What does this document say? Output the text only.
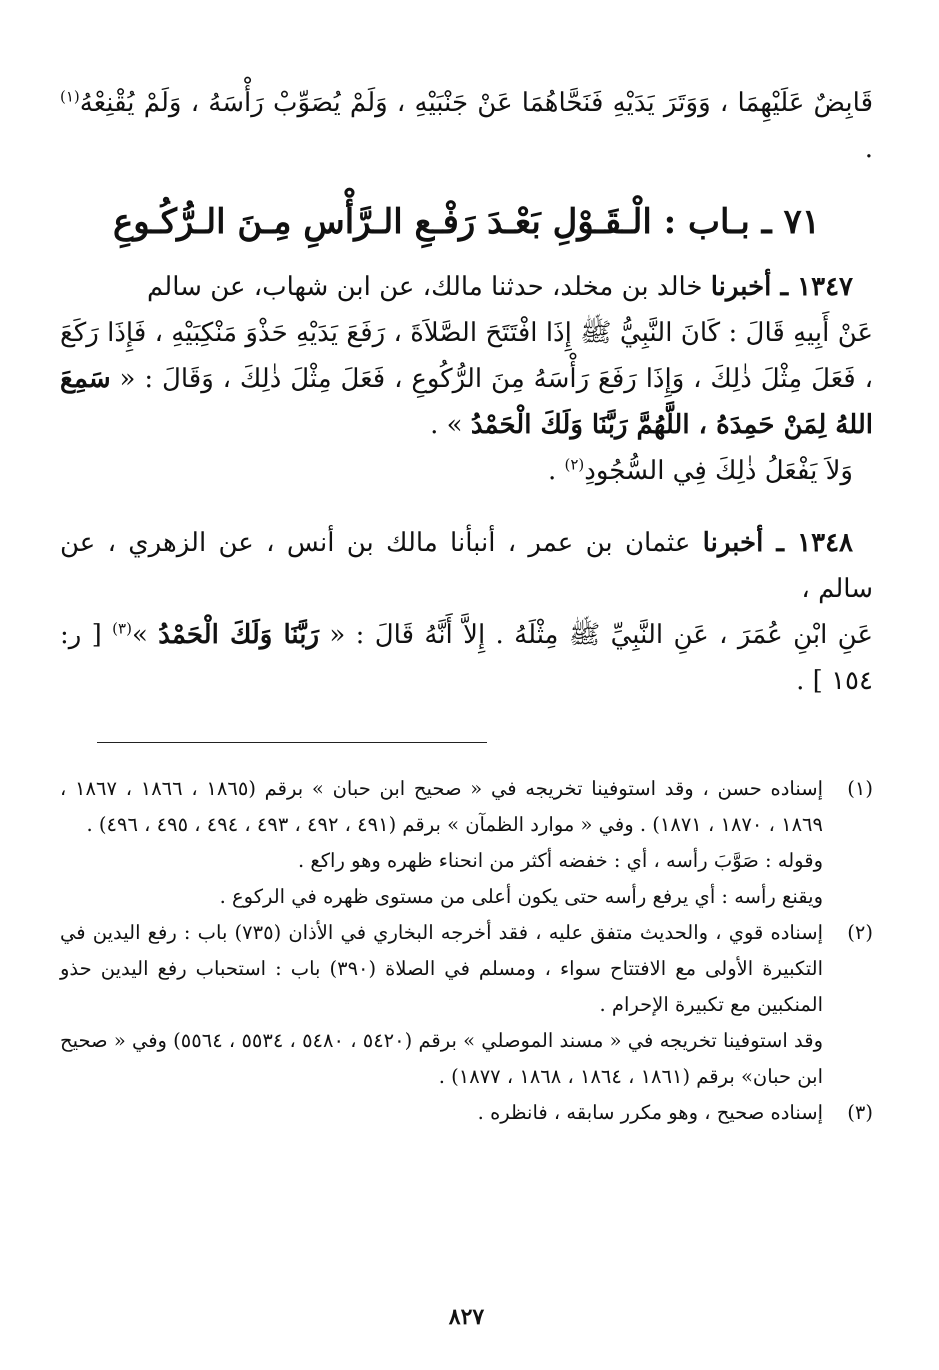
قَابِضٌ عَلَيْهِمَا ، وَوَتَرَ يَدَيْهِ فَنَحَّاهُمَا عَنْ جَنْبَيْهِ ، وَلَمْ يُصَوِّبْ رَأْسَهُ ، وَلَمْ يُقْنِعْهُ$^{(١)}$ .

٧١ ـ بـاب : الْـقَـوْلِ بَعْـدَ رَفْـعِ الـرَّأْسِ مِـنَ الـرُّكُـوعِ

١٣٤٧ ـ أخبرنا خالد بن مخلد، حدثنا مالك، عن ابن شهاب، عن سالم

عَنْ أَبِيهِ قَالَ : كَانَ النَّبِيُّ ﷺ إِذَا افْتَتَحَ الصَّلاَةَ ، رَفَعَ يَدَيْهِ حَذْوَ مَنْكِبَيْهِ ، فَإِذَا رَكَعَ ، فَعَلَ مِثْلَ ذٰلِكَ ، وَإِذَا رَفَعَ رَأْسَهُ مِنَ الرُّكُوعِ ، فَعَلَ مِثْلَ ذٰلِكَ ، وَقَالَ : « سَمِعَ اللهُ لِمَنْ حَمِدَهُ ، اللَّهُمَّ رَبَّنَا وَلَكَ الْحَمْدُ » .

وَلاَ يَفْعَلُ ذٰلِكَ فِي السُّجُودِ$^{(٢)}$ .

١٣٤٨ ـ أخبرنا عثمان بن عمر ، أنبأنا مالك بن أنس ، عن الزهري ، عن سالم ،

عَنِ ابْنِ عُمَرَ ، عَنِ النَّبِيِّ ﷺ مِثْلَهُ . إِلاَّ أَنَّهُ قَالَ : « رَبَّنَا وَلَكَ الْحَمْدُ »$^{(٣)}$ [ ر: ١٥٤ ] .

(١)

إسناده حسن ، وقد استوفينا تخريجه في « صحيح ابن حبان » برقم (١٨٦٥ ، ١٨٦٦ ، ١٨٦٧ ، ١٨٦٩ ، ١٨٧٠ ، ١٨٧١) . وفي « موارد الظمآن » برقم (٤٩١ ، ٤٩٢ ، ٤٩٣ ، ٤٩٤ ، ٤٩٥ ، ٤٩٦) .

وقوله : صَوَّبَ رأسه ، أي : خفضه أكثر من انحناء ظهره وهو راكع .

ويقنع رأسه : أي يرفع رأسه حتى يكون أعلى من مستوى ظهره في الركوع .

(٢)

إسناده قوي ، والحديث متفق عليه ، فقد أخرجه البخاري في الأذان (٧٣٥) باب : رفع اليدين في التكبيرة الأولى مع الافتتاح سواء ، ومسلم في الصلاة (٣٩٠) باب : استحباب رفع اليدين حذو المنكبين مع تكبيرة الإحرام .

وقد استوفينا تخريجه في « مسند الموصلي » برقم (٥٤٢٠ ، ٥٤٨٠ ، ٥٥٣٤ ، ٥٥٦٤) وفي « صحيح ابن حبان» برقم (١٨٦١ ، ١٨٦٤ ، ١٨٦٨ ، ١٨٧٧) .

(٣)

إسناده صحيح ، وهو مكرر سابقه ، فانظره .

٨٢٧
